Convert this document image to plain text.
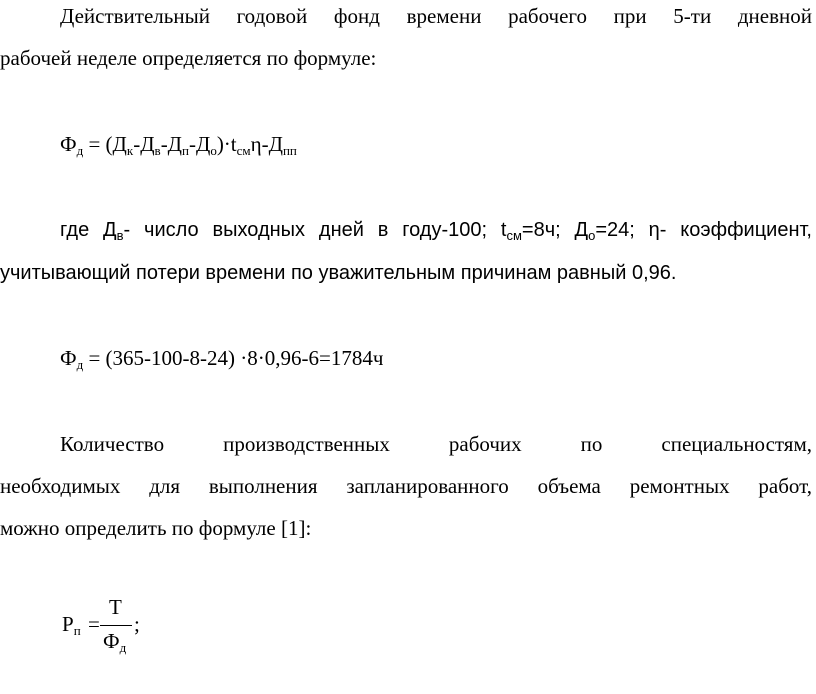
Действительный годовой фонд времени рабочего при 5-ти дневной
рабочей неделе определяется по формуле:
$Ф_д = (Д_к-Д_в-Д_п-Д_о)\cdot t_{см}\eta-Д_{пп}$
где $Д_в-$ число выходных дней в году-100; $t_{см}=8ч$; $Д_о=24$; η- коэффициент,
учитывающий потери времени по уважительным причинам равный 0,96.
$Ф_д = (365-100-8-24) \cdot 8\cdot 0,96-6=1784ч$
Количество производственных рабочих по специальностям,
необходимых для выполнения запланированного объема ремонтных работ,
можно определить по формуле [1]:
$Р_п$ =
Т
$Ф_д$
;
